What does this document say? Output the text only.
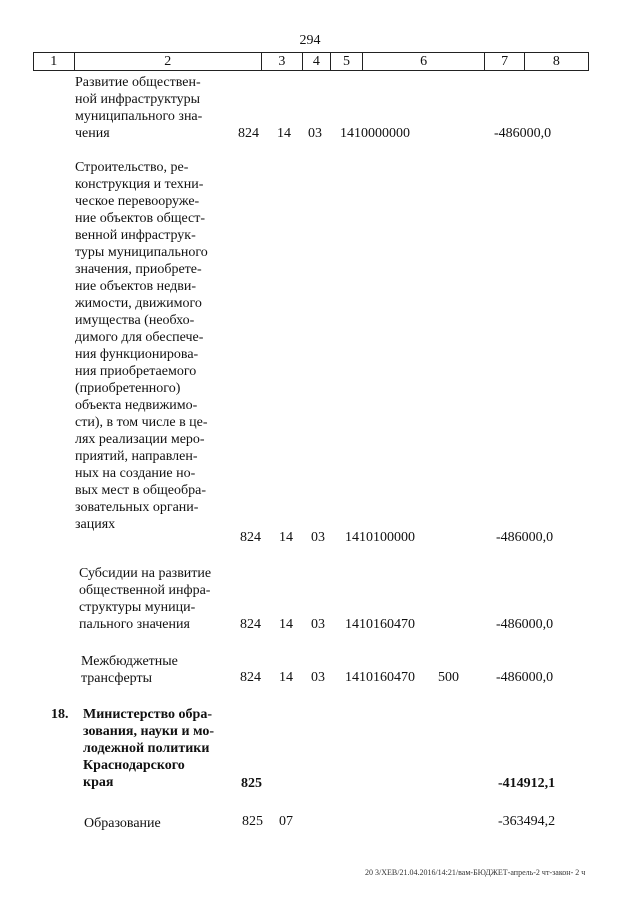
294
1	2	3	4	5	6	7	8
Развитие обществен-
ной инфраструктуры
муниципального зна-
чения	824 14 03 1410000000	-486000,0
Строительство, ре-
конструкция и техни-
ческое перевооруже-
ние объектов общест-
венной инфраструк-
туры муниципального
значения, приобрете-
ние объектов недви-
жимости, движимого
имущества (необхо-
димого для обеспече-
ния функционирова-
ния приобретаемого
(приобретенного)
объекта недвижимо-
сти), в том числе в це-
лях реализации меро-
приятий, направлен-
ных на создание но-
вых мест в общеобра-
зовательных органи-
зациях
824 14 03 1410100000	-486000,0
Субсидии на развитие
общественной инфра-
структуры муници-
пального значения	824 14 03 1410160470	-486000,0
Межбюджетные
трансферты	824 14 03 1410160470 500	-486000,0
18. Министерство обра-
зования, науки и мо-
лодежной политики
Краснодарского
края	825	-414912,1
Образование	825 07	-363494,2
20 3/ХЕВ/21.04.2016/14:21/вам-БЮДЖЕТ-апрель-2 чт-закон- 2 ч
